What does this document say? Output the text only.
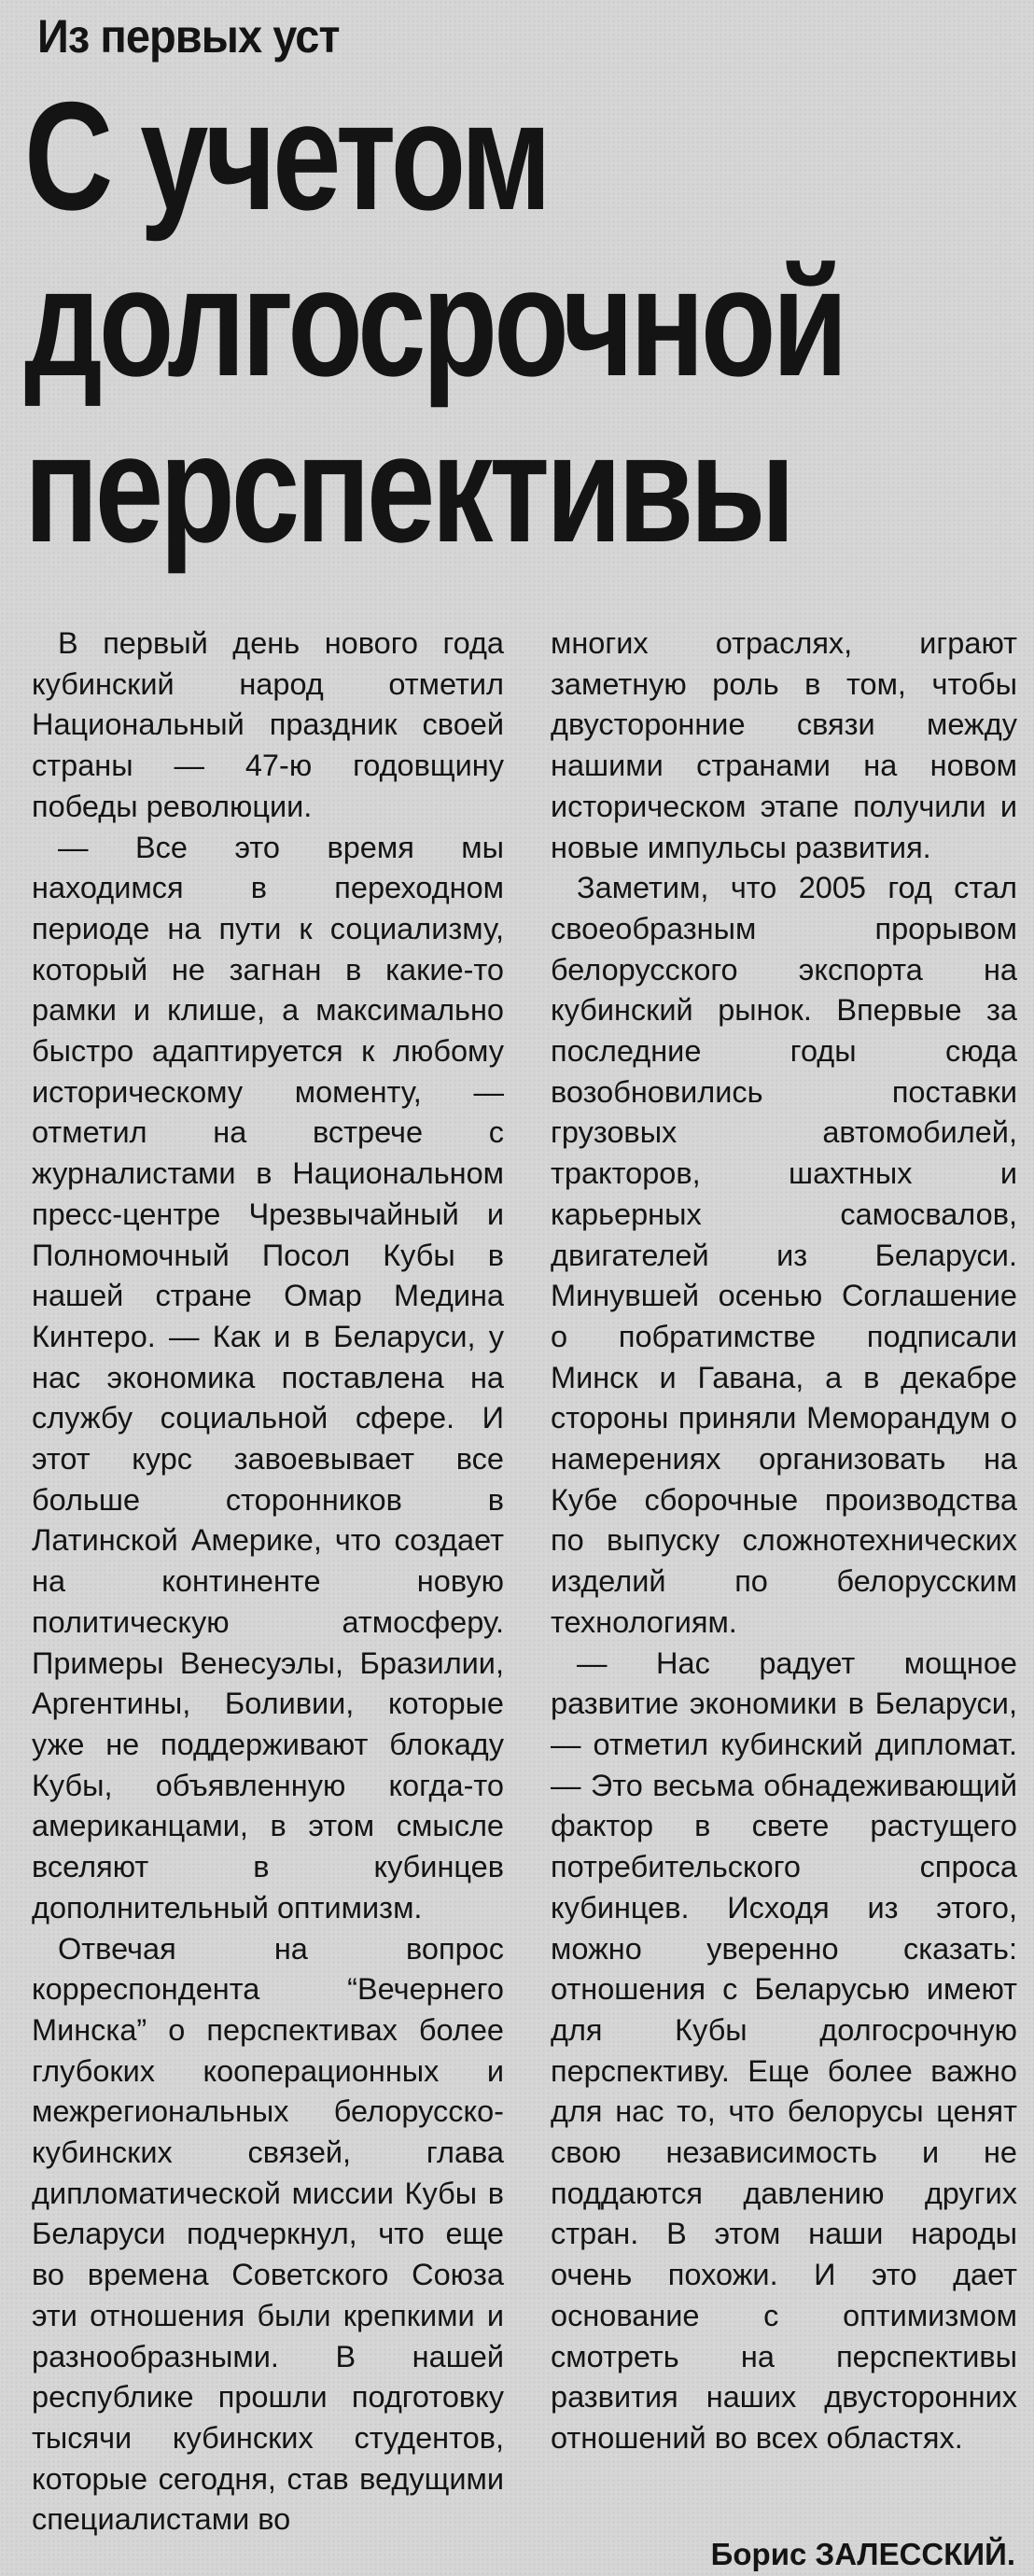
Из первых уст
С учетом
долгосрочной
перспективы

В первый день нового года кубинский народ отметил Национальный праздник своей страны — 47-ю годовщину победы революции.

— Все это время мы находимся в переходном периоде на пути к социализму, который не загнан в какие-то рамки и клише, а максимально быстро адаптируется к любому историческому моменту, — отметил на встрече с журналистами в Национальном пресс-центре Чрезвычайный и Полномочный Посол Кубы в нашей стране Омар Медина Кинтеро. — Как и в Беларуси, у нас экономика поставлена на службу социальной сфере. И этот курс завоевывает все больше сторонников в Латинской Америке, что создает на континенте новую политическую атмосферу. Примеры Венесуэлы, Бразилии, Аргентины, Боливии, которые уже не поддерживают блокаду Кубы, объявленную когда-то американцами, в этом смысле вселяют в кубинцев дополнительный оптимизм.

Отвечая на вопрос корреспондента “Вечернего Минска” о перспективах более глубоких кооперационных и межрегиональных белорусско-кубинских связей, глава дипломатической миссии Кубы в Беларуси подчеркнул, что еще во времена Советского Союза эти отношения были крепкими и разнообразными. В нашей республике прошли подготовку тысячи кубинских студентов, которые сегодня, став ведущими специалистами во

многих отраслях, играют заметную роль в том, чтобы двусторонние связи между нашими странами на новом историческом этапе получили и новые импульсы развития.

Заметим, что 2005 год стал своеобразным прорывом белорусского экспорта на кубинский рынок. Впервые за последние годы сюда возобновились поставки грузовых автомобилей, тракторов, шахтных и карьерных самосвалов, двигателей из Беларуси. Минувшей осенью Соглашение о побратимстве подписали Минск и Гавана, а в декабре стороны приняли Меморандум о намерениях организовать на Кубе сборочные производства по выпуску сложнотехнических изделий по белорусским технологиям.

— Нас радует мощное развитие экономики в Беларуси, — отметил кубинский дипломат. — Это весьма обнадеживающий фактор в свете растущего потребительского спроса кубинцев. Исходя из этого, можно уверенно сказать: отношения с Беларусью имеют для Кубы долгосрочную перспективу. Еще более важно для нас то, что белорусы ценят свою независимость и не поддаются давлению других стран. В этом наши народы очень похожи. И это дает основание с оптимизмом смотреть на перспективы развития наших двусторонних отношений во всех областях.

Борис ЗАЛЕССКИЙ.
